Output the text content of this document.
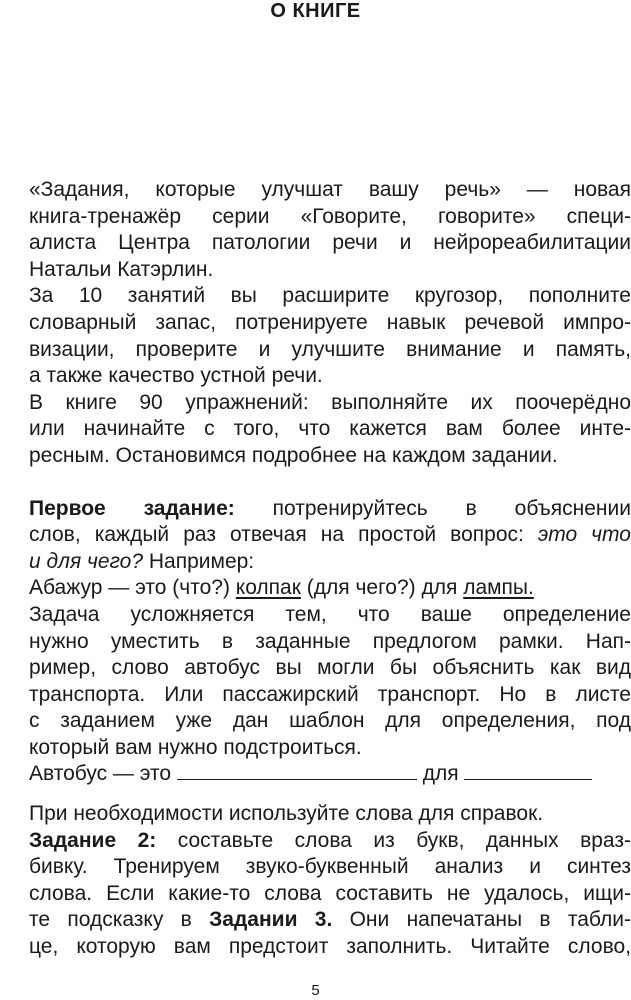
О КНИГЕ

«Задания, которые улучшат вашу речь» — новая
книга-тренажёр серии «Говорите, говорите» специ-
алиста Центра патологии речи и нейрореабилитации
Натальи Катэрлин.

За 10 занятий вы расширите кругозор, пополните
словарный запас, потренируете навык речевой импро-
визации, проверите и улучшите внимание и память,
а также качество устной речи.

В книге 90 упражнений: выполняйте их поочерёдно
или начинайте с того, что кажется вам более инте-
ресным. Остановимся подробнее на каждом задании.

Первое задание: потренируйтесь в объяснении
слов, каждый раз отвечая на простой вопрос: это что
и для чего? Например:

Абажур — это (что?) колпак (для чего?) для лампы.

Задача усложняется тем, что ваше определение
нужно уместить в заданные предлогом рамки. Нап-
ример, слово автобус вы могли бы объяснить как вид
транспорта. Или пассажирский транспорт. Но в листе
с заданием уже дан шаблон для определения, под
который вам нужно подстроиться.

Автобус — это	для

При необходимости используйте слова для справок.

Задание 2: составьте слова из букв, данных враз-
бивку. Тренируем звуко-буквенный анализ и синтез
слова. Если какие-то слова составить не удалось, ищи-
те подсказку в Задании 3. Они напечатаны в табли-
це, которую вам предстоит заполнить. Читайте слово,

5
